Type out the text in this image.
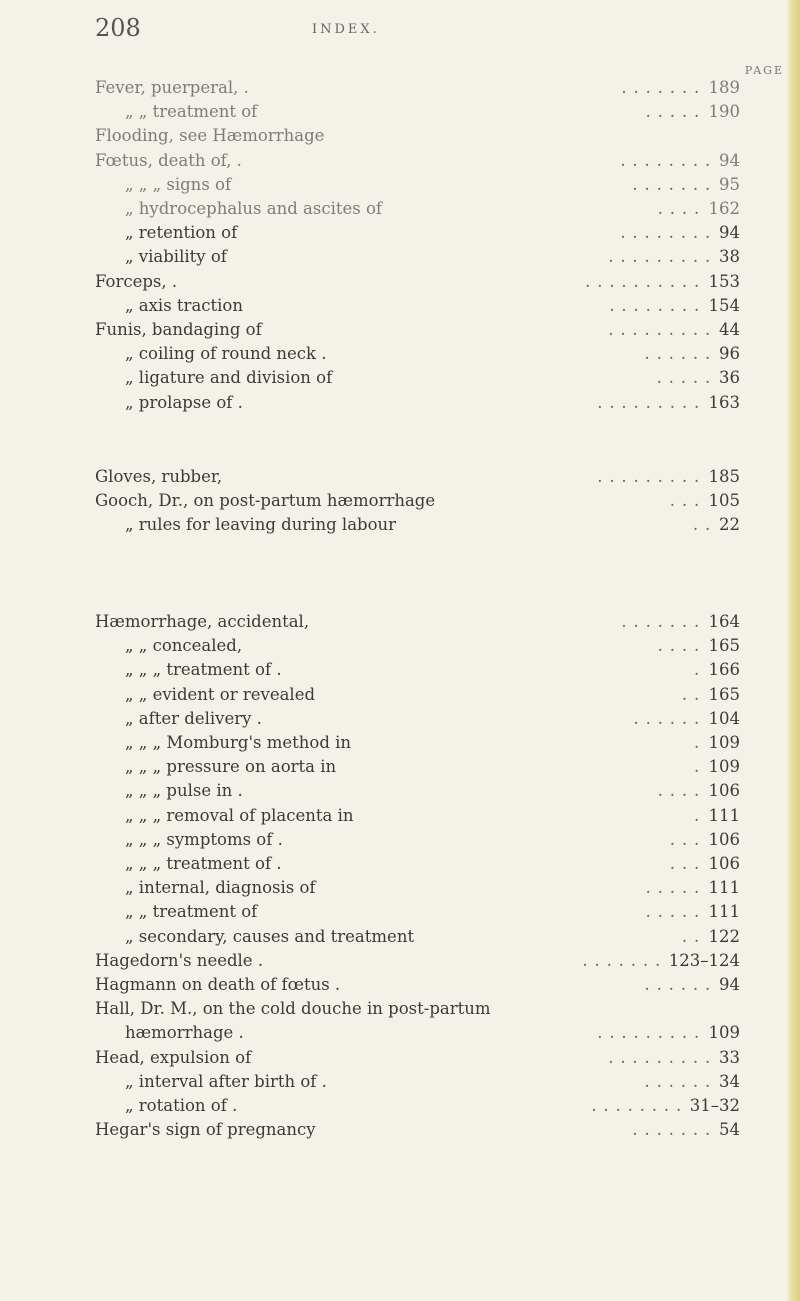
208	INDEX.
PAGE
Fever, puerperal, .	. . . . . . . 189
„ „ treatment of	. . . . . 190
Flooding, see Hæmorrhage
Fœtus, death of, .	. . . . . . . . 94
„ „ „ signs of	. . . . . . . 95
„ hydrocephalus and ascites of	. . . . 162
„ retention of	. . . . . . . . 94
„ viability of	. . . . . . . . . 38
Forceps, .	. . . . . . . . . . 153
„ axis traction	. . . . . . . . 154
Funis, bandaging of	. . . . . . . . . 44
„ coiling of round neck .	. . . . . . 96
„ ligature and division of	. . . . . 36
„ prolapse of .	. . . . . . . . . 163
Gloves, rubber,	. . . . . . . . . 185
Gooch, Dr., on post-partum hæmorrhage	. . . 105
„ rules for leaving during labour	. . 22
Hæmorrhage, accidental,	. . . . . . . 164
„ „ concealed,	. . . . 165
„ „ „ treatment of .	. 166
„ „ evident or revealed	. . 165
„ after delivery .	. . . . . . 104
„ „ „ Momburg's method in	. 109
„ „ „ pressure on aorta in	. 109
„ „ „ pulse in .	. . . . 106
„ „ „ removal of placenta in	. 111
„ „ „ symptoms of .	. . . 106
„ „ „ treatment of .	. . . 106
„ internal, diagnosis of	. . . . . 111
„ „ treatment of	. . . . . 111
„ secondary, causes and treatment	. . 122
Hagedorn's needle .	. . . . . . . 123–124
Hagmann on death of fœtus .	. . . . . . 94
Hall, Dr. M., on the cold douche in post-partum
hæmorrhage .	. . . . . . . . . 109
Head, expulsion of	. . . . . . . . . 33
„ interval after birth of .	. . . . . . 34
„ rotation of .	. . . . . . . . 31–32
Hegar's sign of pregnancy	. . . . . . . 54
